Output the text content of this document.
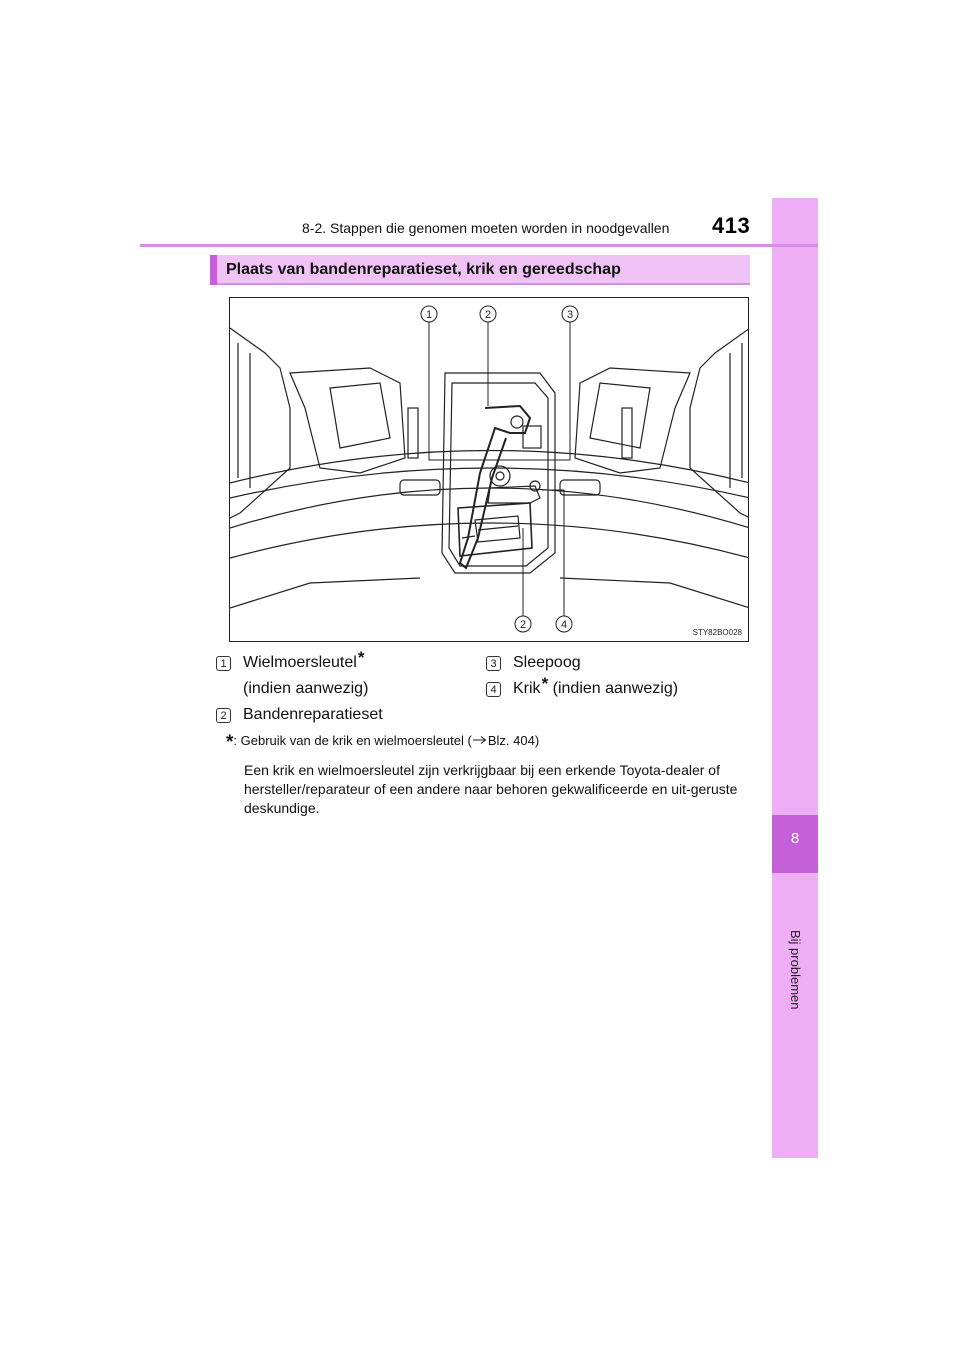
8
Bij problemen
8-2. Stappen die genomen moeten worden in noodgevallen 413
Plaats van bandenreparatieset, krik en gereedschap
1	2	3
2	4
STY82BO028
1 Wielmoersleutel*
(indien aanwezig)
2 Bandenreparatieset
3 Sleepoog
4 Krik* (indien aanwezig)
*: Gebruik van de krik en wielmoersleutel ( Blz. 404)
Een krik en wielmoersleutel zijn verkrijgbaar bij een erkende Toyota-dealer of hersteller/reparateur of een andere naar behoren gekwalificeerde en uit-geruste deskundige.
